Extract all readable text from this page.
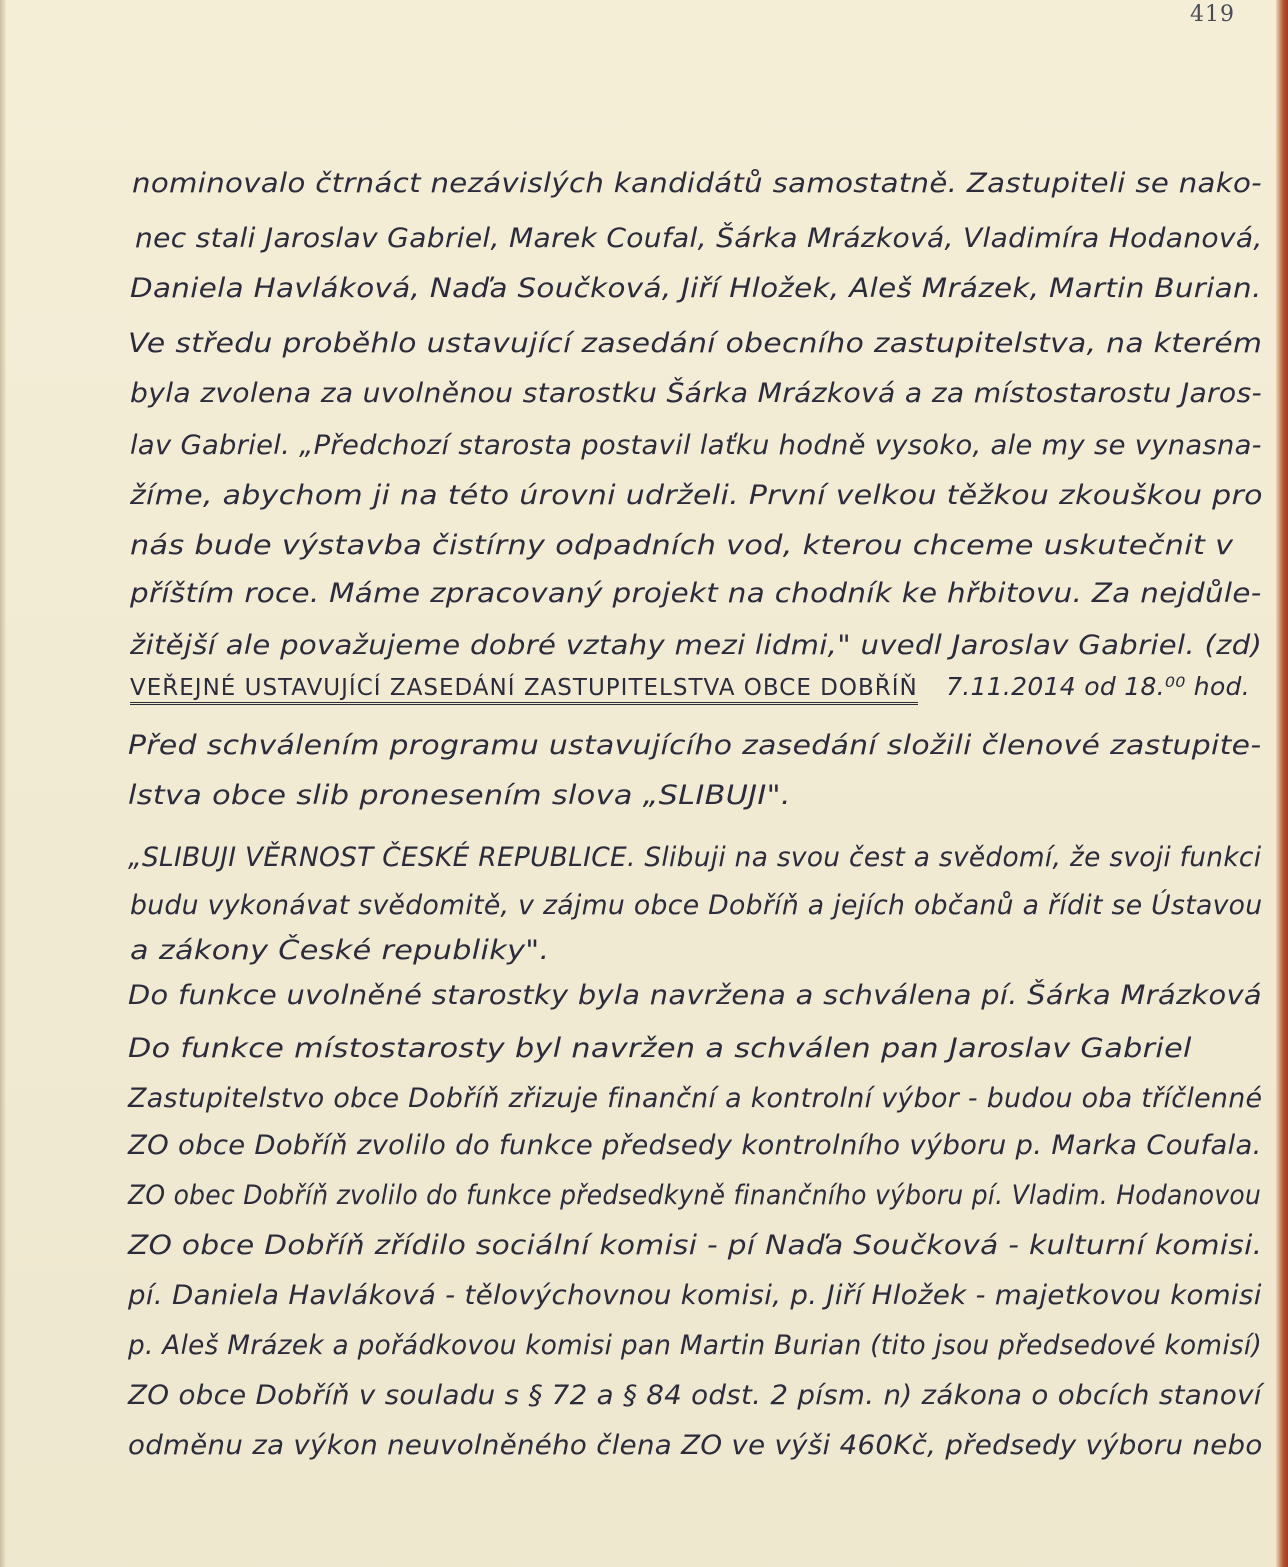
419
nominovalo čtrnáct nezávislých kandidátů samostatně. Zastupiteli se nako-
nec stali Jaroslav Gabriel, Marek Coufal, Šárka Mrázková, Vladimíra Hodanová,
Daniela Havláková, Naďa Součková, Jiří Hložek, Aleš Mrázek, Martin Burian.
Ve středu proběhlo ustavující zasedání obecního zastupitelstva, na kterém
byla zvolena za uvolněnou starostku Šárka Mrázková a za místostarostu Jaros-
lav Gabriel. „Předchozí starosta postavil laťku hodně vysoko, ale my se vynasna-
žíme, abychom ji na této úrovni udrželi. První velkou těžkou zkouškou pro
nás bude výstavba čistírny odpadních vod, kterou chceme uskutečnit v
příštím roce. Máme zpracovaný projekt na chodník ke hřbitovu. Za nejdůle-
žitější ale považujeme dobré vztahy mezi lidmi," uvedl Jaroslav Gabriel. (zd)
VEŘEJNÉ USTAVUJÍCÍ ZASEDÁNÍ ZASTUPITELSTVA OBCE DOBŘÍŇ 7.11.2014 od 18.⁰⁰ hod.
Před schválením programu ustavujícího zasedání složili členové zastupite-
lstva obce slib pronesením slova „SLIBUJI".
„SLIBUJI VĚRNOST ČESKÉ REPUBLICE. Slibuji na svou čest a svědomí, že svoji funkci
budu vykonávat svědomitě, v zájmu obce Dobříň a jejích občanů a řídit se Ústavou
a zákony České republiky".
Do funkce uvolněné starostky byla navržena a schválena pí. Šárka Mrázková
Do funkce místostarosty byl navržen a schválen pan Jaroslav Gabriel
Zastupitelstvo obce Dobříň zřizuje finanční a kontrolní výbor - budou oba tříčlenné
ZO obce Dobříň zvolilo do funkce předsedy kontrolního výboru p. Marka Coufala.
ZO obec Dobříň zvolilo do funkce předsedkyně finančního výboru pí. Vladim. Hodanovou
ZO obce Dobříň zřídilo sociální komisi - pí Naďa Součková - kulturní komisi.
pí. Daniela Havláková - tělovýchovnou komisi, p. Jiří Hložek - majetkovou komisi
p. Aleš Mrázek a pořádkovou komisi pan Martin Burian (tito jsou předsedové komisí)
ZO obce Dobříň v souladu s § 72 a § 84 odst. 2 písm. n) zákona o obcích stanoví
odměnu za výkon neuvolněného člena ZO ve výši 460Kč, předsedy výboru nebo
